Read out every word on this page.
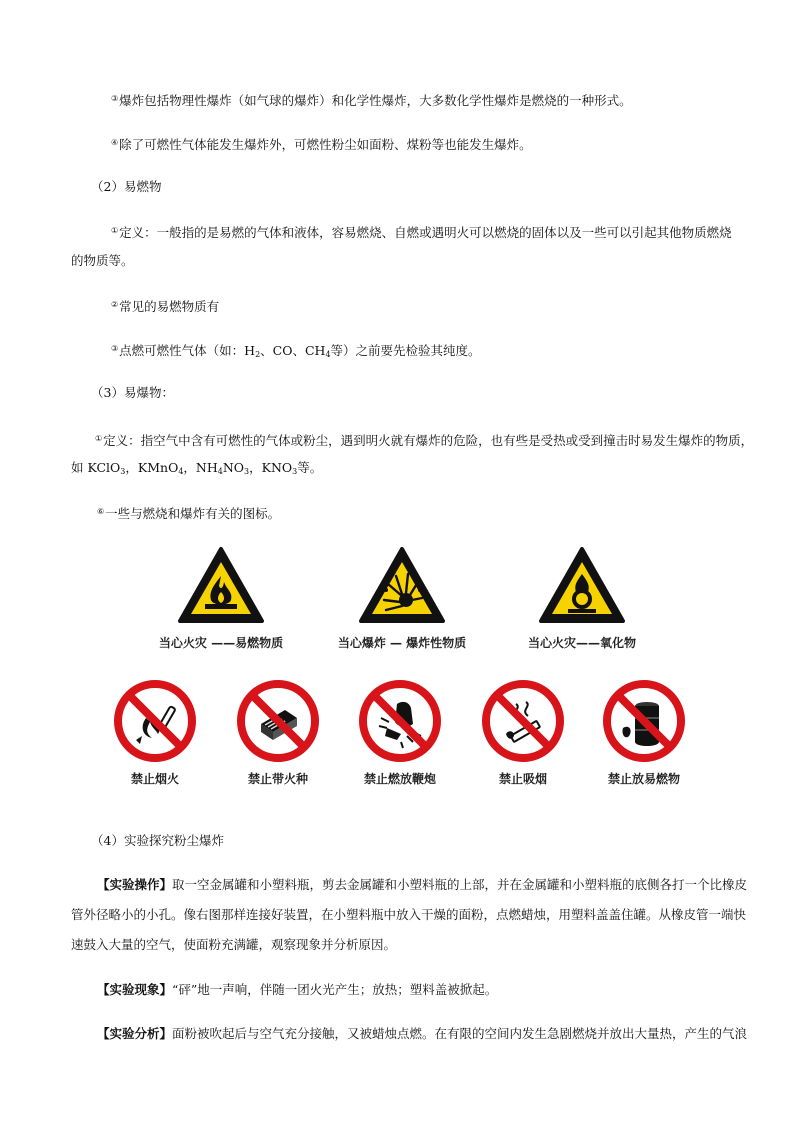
③爆炸包括物理性爆炸（如气球的爆炸）和化学性爆炸，大多数化学性爆炸是燃烧的一种形式。
④除了可燃性气体能发生爆炸外，可燃性粉尘如面粉、煤粉等也能发生爆炸。
（2）易燃物
①定义：一般指的是易燃的气体和液体，容易燃烧、自燃或遇明火可以燃烧的固体以及一些可以引起其他物质燃烧
的物质等。
②常见的易燃物质有
③点燃可燃性气体（如：$H_2$、CO、$CH_4$等）之前要先检验其纯度。
（3）易爆物：
①定义：指空气中含有可燃性的气体或粉尘，遇到明火就有爆炸的危险，也有些是受热或受到撞击时易发生爆炸的物质，
如 KClO$_3$，KMnO$_4$，$NH_4NO_3$，$KNO_3$等。
⑥一些与燃烧和爆炸有关的图标。
当心火灾 ——易燃物质	当心爆炸 — 爆炸性物质	当心火灾——氧化物
禁止烟火	禁止带火种	禁止燃放鞭炮	禁止吸烟	禁止放易燃物
（4）实验探究粉尘爆炸
【实验操作】取一空金属罐和小塑料瓶，剪去金属罐和小塑料瓶的上部，并在金属罐和小塑料瓶的底侧各打一个比橡皮
管外径略小的小孔。像右图那样连接好装置，在小塑料瓶中放入干燥的面粉，点燃蜡烛，用塑料盖盖住罐。从橡皮管一端快
速鼓入大量的空气，使面粉充满罐，观察现象并分析原因。
【实验现象】“砰”地一声响，伴随一团火光产生；放热；塑料盖被掀起。
【实验分析】面粉被吹起后与空气充分接触，又被蜡烛点燃。在有限的空间内发生急剧燃烧并放出大量热，产生的气浪
